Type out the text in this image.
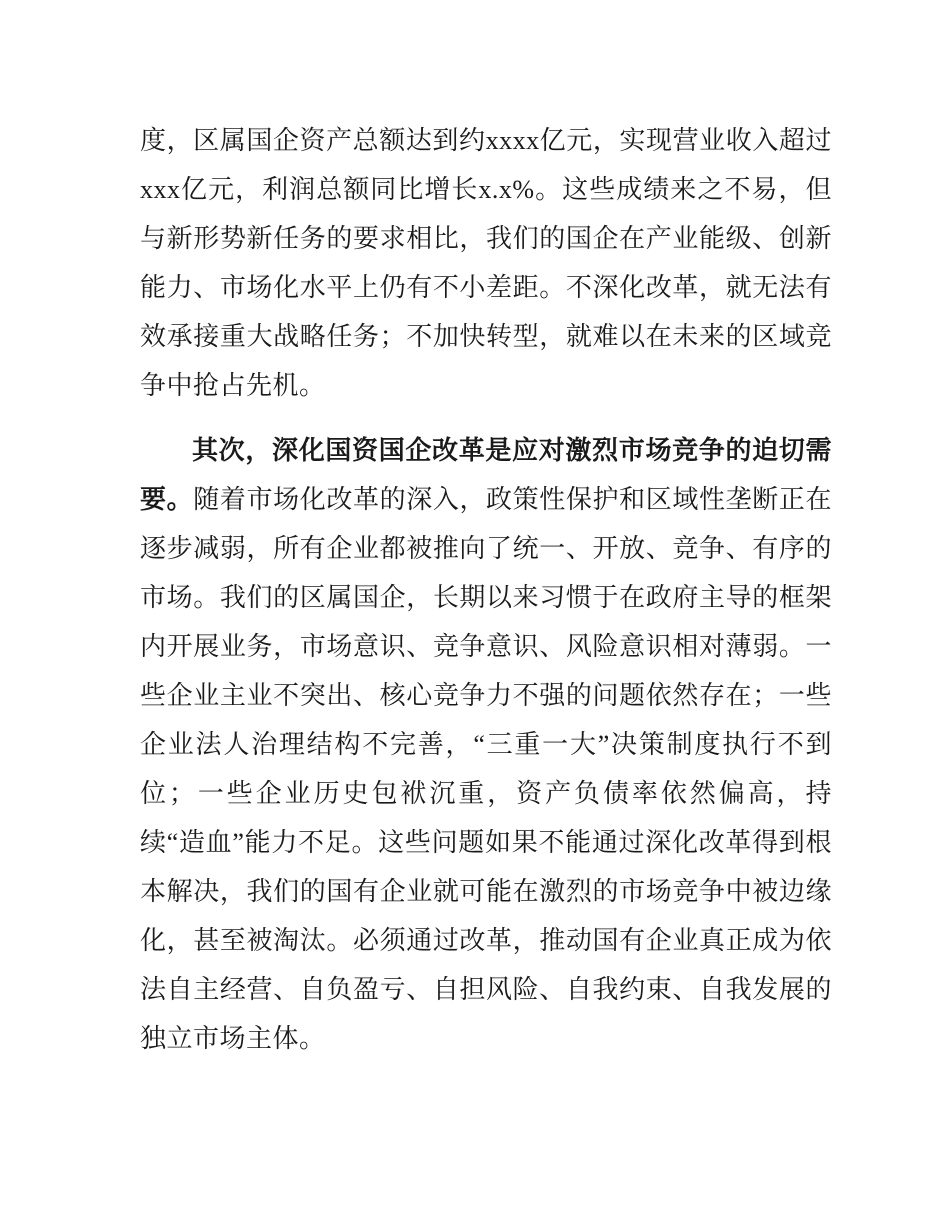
度，区属国企资产总额达到约xxxx亿元，实现营业收入超过xxx亿元，利润总额同比增长x.x%。这些成绩来之不易，但与新形势新任务的要求相比，我们的国企在产业能级、创新能力、市场化水平上仍有不小差距。不深化改革，就无法有效承接重大战略任务；不加快转型，就难以在未来的区域竞争中抢占先机。

其次，深化国资国企改革是应对激烈市场竞争的迫切需要。随着市场化改革的深入，政策性保护和区域性垄断正在逐步减弱，所有企业都被推向了统一、开放、竞争、有序的市场。我们的区属国企，长期以来习惯于在政府主导的框架内开展业务，市场意识、竞争意识、风险意识相对薄弱。一些企业主业不突出、核心竞争力不强的问题依然存在；一些企业法人治理结构不完善，“三重一大”决策制度执行不到位；一些企业历史包袱沉重，资产负债率依然偏高，持续“造血”能力不足。这些问题如果不能通过深化改革得到根本解决，我们的国有企业就可能在激烈的市场竞争中被边缘化，甚至被淘汰。必须通过改革，推动国有企业真正成为依法自主经营、自负盈亏、自担风险、自我约束、自我发展的独立市场主体。
